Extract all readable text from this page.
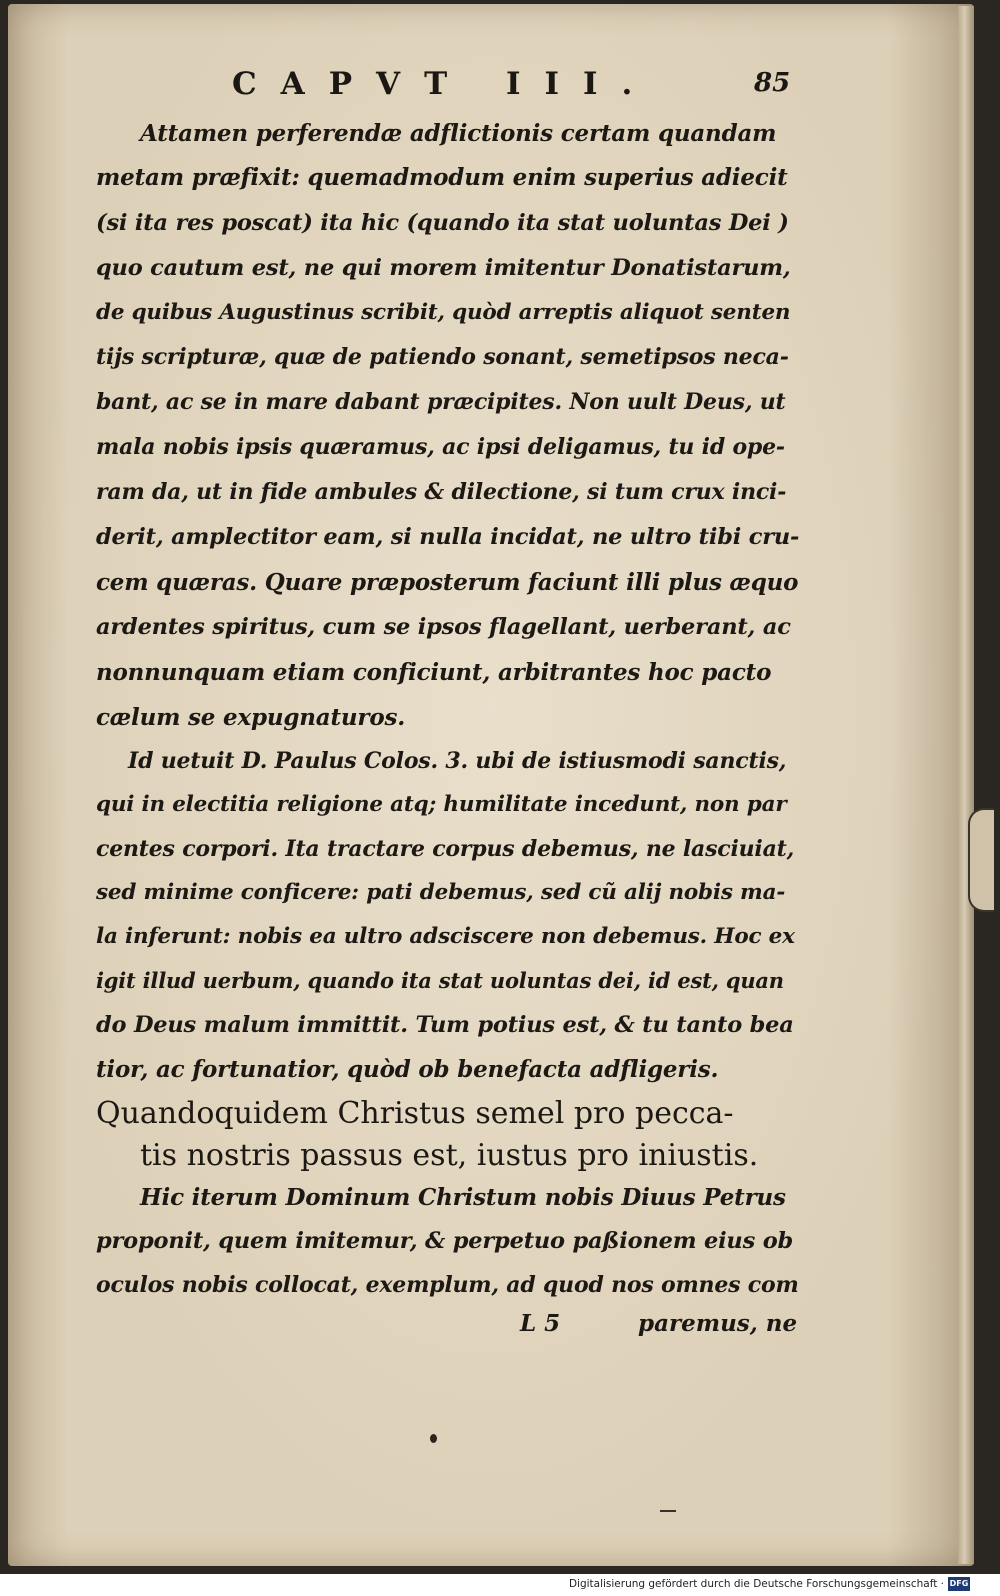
CAPVT III.	85
Attamen perferendæ adflictionis certam quandam
metam præfixit: quemadmodum enim superius adiecit
(si ita res poscat) ita hic (quando ita stat uoluntas Dei )
quo cautum est, ne qui morem imitentur Donatistarum,
de quibus Augustinus scribit, quòd arreptis aliquot senten
tijs scripturæ, quæ de patiendo sonant, semetipsos neca-
bant, ac se in mare dabant præcipites. Non uult Deus, ut
mala nobis ipsis quæramus, ac ipsi deligamus, tu id ope-
ram da, ut in fide ambules & dilectione, si tum crux inci-
derit, amplectitor eam, si nulla incidat, ne ultro tibi cru-
cem quæras. Quare præposterum faciunt illi plus æquo
ardentes spiritus, cum se ipsos flagellant, uerberant, ac
nonnunquam etiam conficiunt, arbitrantes hoc pacto
cælum se expugnaturos.
Id uetuit D. Paulus Colos. 3. ubi de istiusmodi sanctis,
qui in electitia religione atq; humilitate incedunt, non par
centes corpori. Ita tractare corpus debemus, ne lasciuiat,
sed minime conficere: pati debemus, sed cũ alij nobis ma-
la inferunt: nobis ea ultro adsciscere non debemus. Hoc ex
igit illud uerbum, quando ita stat uoluntas dei, id est, quan
do Deus malum immittit. Tum potius est, & tu tanto bea
tior, ac fortunatior, quòd ob benefacta adfligeris.
Quandoquidem Christus semel pro pecca-
tis nostris passus est, iustus pro iniustis.
Hic iterum Dominum Christum nobis Diuus Petrus
proponit, quem imitemur, & perpetuo paßionem eius ob
oculos nobis collocat, exemplum, ad quod nos omnes com
L 5	paremus, ne
Digitalisierung gefördert durch die Deutsche Forschungsgemeinschaft · DFG
